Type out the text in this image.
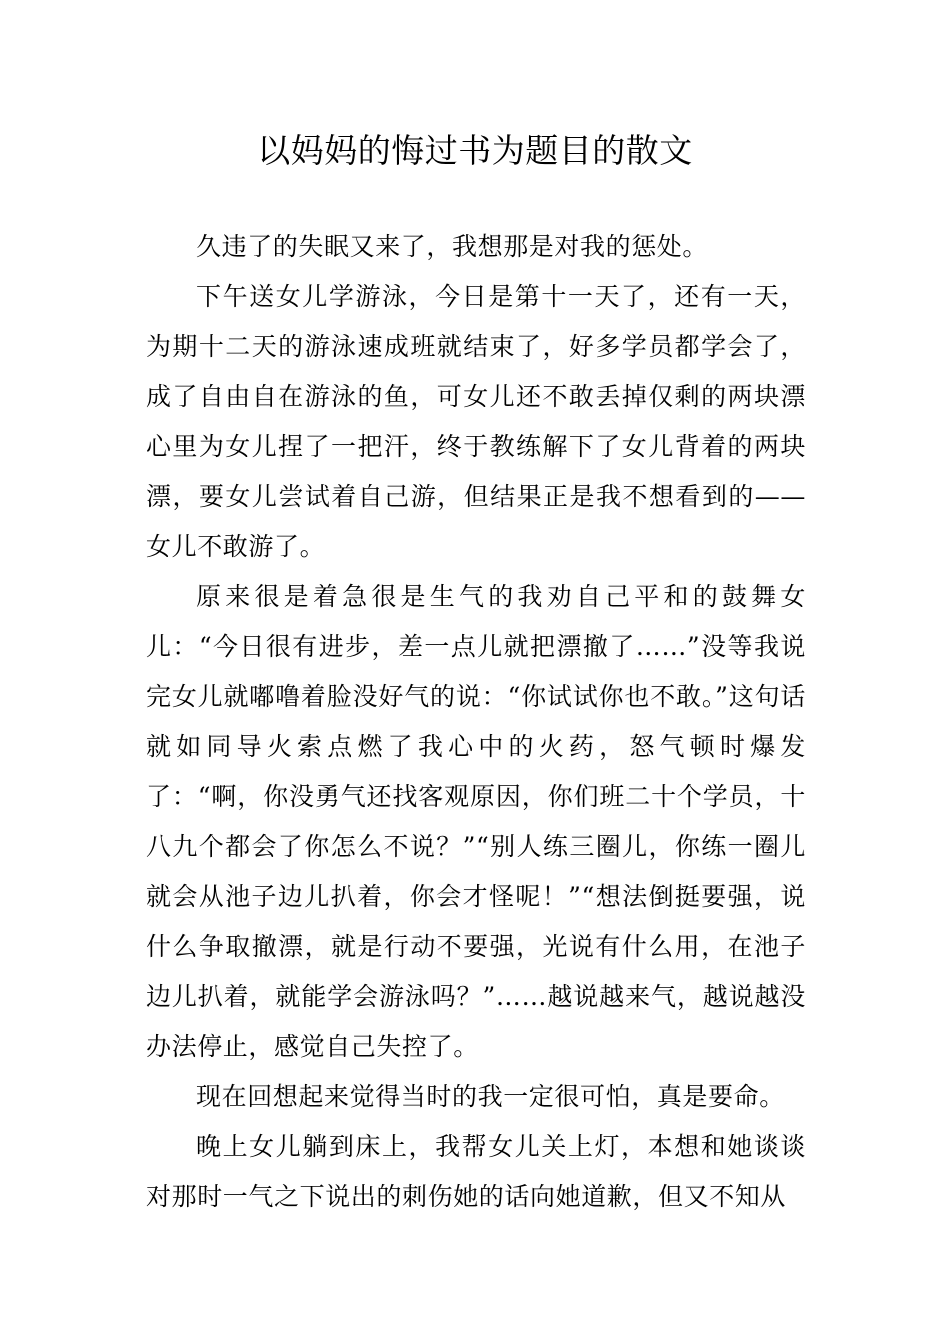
以妈妈的悔过书为题目的散文

久违了的失眠又来了，我想那是对我的惩处。

下午送女儿学游泳，今日是第十一天了，还有一天，为期十二天的游泳速成班就结束了，好多学员都学会了，成了自由自在游泳的鱼，可女儿还不敢丢掉仅剩的两块漂心里为女儿捏了一把汗，终于教练解下了女儿背着的两块漂，要女儿尝试着自己游，但结果正是我不想看到的——女儿不敢游了。

原来很是着急很是生气的我劝自己平和的鼓舞女儿：“今日很有进步，差一点儿就把漂撤了……”没等我说完女儿就嘟噜着脸没好气的说：“你试试你也不敢。”这句话就如同导火索点燃了我心中的火药，怒气顿时爆发了：“啊，你没勇气还找客观原因，你们班二十个学员，十八九个都会了你怎么不说？”“别人练三圈儿，你练一圈儿就会从池子边儿扒着，你会才怪呢！”“想法倒挺要强，说什么争取撤漂，就是行动不要强，光说有什么用，在池子边儿扒着，就能学会游泳吗？”……越说越来气，越说越没办法停止，感觉自己失控了。

现在回想起来觉得当时的我一定很可怕，真是要命。

晚上女儿躺到床上，我帮女儿关上灯，本想和她谈谈对那时一气之下说出的刺伤她的话向她道歉，但又不知从
